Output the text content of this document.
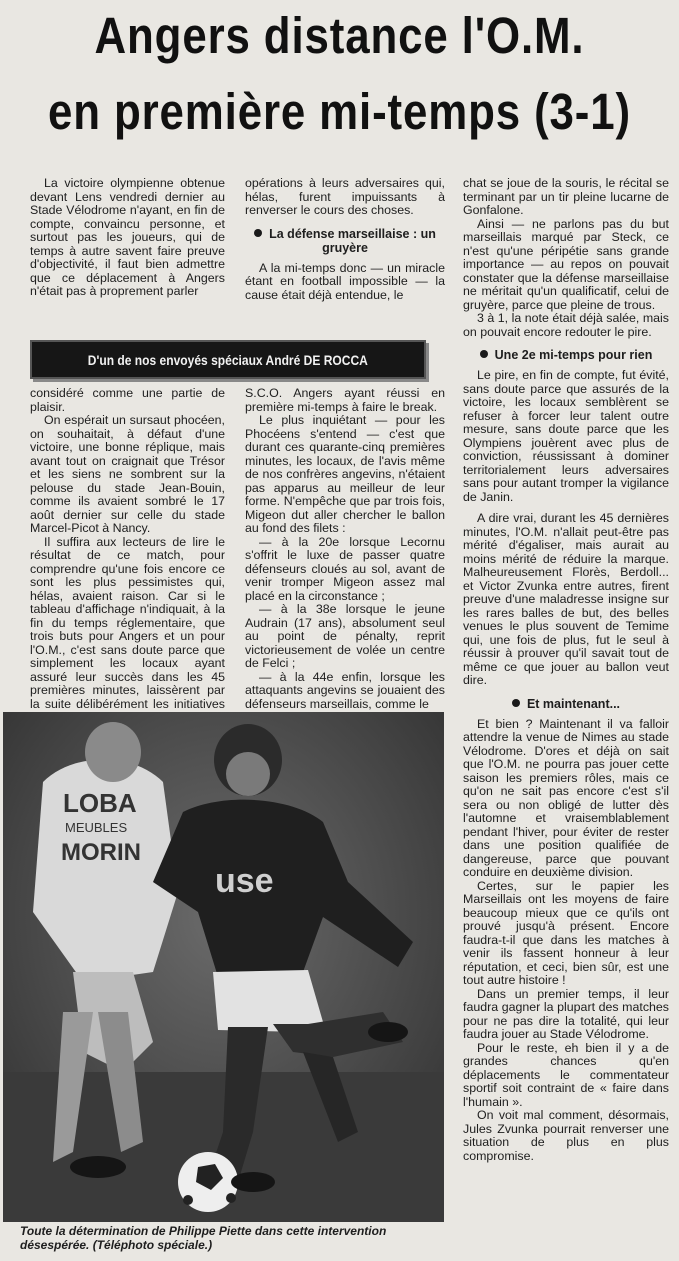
Angers distance l'O.M.
en première mi-temps (3-1)

La victoire olympienne obtenue devant Lens vendredi dernier au Stade Vélodrome n'ayant, en fin de compte, convaincu personne, et surtout pas les joueurs, qui de temps à autre savent faire preuve d'objectivité, il faut bien admettre que ce déplacement à Angers n'était pas à proprement parler

opérations à leurs adversaires qui, hélas, furent impuissants à renverser le cours des choses.

La défense marseillaise : un gruyère

A la mi-temps donc — un miracle étant en football impossible — la cause était déjà entendue, le

D'un de nos envoyés spéciaux André DE ROCCA

considéré comme une partie de plaisir.

On espérait un sursaut phocéen, on souhaitait, à défaut d'une victoire, une bonne réplique, mais avant tout on craignait que Trésor et les siens ne sombrent sur la pelouse du stade Jean-Bouin, comme ils avaient sombré le 17 août dernier sur celle du stade Marcel-Picot à Nancy.

Il suffira aux lecteurs de lire le résultat de ce match, pour comprendre qu'une fois encore ce sont les plus pessimistes qui, hélas, avaient raison. Car si le tableau d'affichage n'indiquait, à la fin du temps réglementaire, que trois buts pour Angers et un pour l'O.M., c'est sans doute parce que simplement les locaux ayant assuré leur succès dans les 45 premières minutes, laissèrent par la suite délibérément les initiatives

S.C.O. Angers ayant réussi en première mi-temps à faire le break.

Le plus inquiétant — pour les Phocéens s'entend — c'est que durant ces quarante-cinq premières minutes, les locaux, de l'avis même de nos confrères angevins, n'étaient pas apparus au meilleur de leur forme. N'empêche que par trois fois, Migeon dut aller chercher le ballon au fond des filets :

— à la 20e lorsque Lecornu s'offrit le luxe de passer quatre défenseurs cloués au sol, avant de venir tromper Migeon assez mal placé en la circonstance ;

— à la 38e lorsque le jeune Audrain (17 ans), absolument seul au point de pénalty, reprit victorieusement de volée un centre de Felci ;

— à la 44e enfin, lorsque les attaquants angevins se jouaient des défenseurs marseillais, comme le

chat se joue de la souris, le récital se terminant par un tir pleine lucarne de Gonfalone.

Ainsi — ne parlons pas du but marseillais marqué par Steck, ce n'est qu'une péripétie sans grande importance — au repos on pouvait constater que la défense marseillaise ne méritait qu'un qualificatif, celui de gruyère, parce que pleine de trous.

3 à 1, la note était déjà salée, mais on pouvait encore redouter le pire.

Une 2e mi-temps pour rien

Le pire, en fin de compte, fut évité, sans doute parce que assurés de la victoire, les locaux semblèrent se refuser à forcer leur talent outre mesure, sans doute parce que les Olympiens jouèrent avec plus de conviction, réussissant à dominer territorialement leurs adversaires sans pour autant tromper la vigilance de Janin.

A dire vrai, durant les 45 dernières minutes, l'O.M. n'allait peut-être pas mérité d'égaliser, mais aurait au moins mérité de réduire la marque. Malheureusement Florès, Berdoll... et Victor Zvunka entre autres, firent preuve d'une maladresse insigne sur les rares balles de but, des belles venues le plus souvent de Temime qui, une fois de plus, fut le seul à réussir à prouver qu'il savait tout de même ce que jouer au ballon veut dire.

Et maintenant...

Et bien ? Maintenant il va falloir attendre la venue de Nimes au stade Vélodrome. D'ores et déjà on sait que l'O.M. ne pourra pas jouer cette saison les premiers rôles, mais ce qu'on ne sait pas encore c'est s'il sera ou non obligé de lutter dès l'automne et vraisemblablement pendant l'hiver, pour éviter de rester dans une position qualifiée de dangereuse, parce que pouvant conduire en deuxième division.

Certes, sur le papier les Marseillais ont les moyens de faire beaucoup mieux que ce qu'ils ont prouvé jusqu'à présent. Encore faudra-t-il que dans les matches à venir ils fassent honneur à leur réputation, et ceci, bien sûr, est une tout autre histoire !

Dans un premier temps, il leur faudra gagner la plupart des matches pour ne pas dire la totalité, qui leur faudra jouer au Stade Vélodrome.

Pour le reste, eh bien il y a de grandes chances qu'en déplacements le commentateur sportif soit contraint de « faire dans l'humain ».

On voit mal comment, désormais, Jules Zvunka pourrait renverser une situation de plus en plus compromise.

LOBA
MEUBLES
MORIN
use
Toute la détermination de Philippe Piette dans cette intervention désespérée. (Téléphoto spéciale.)
